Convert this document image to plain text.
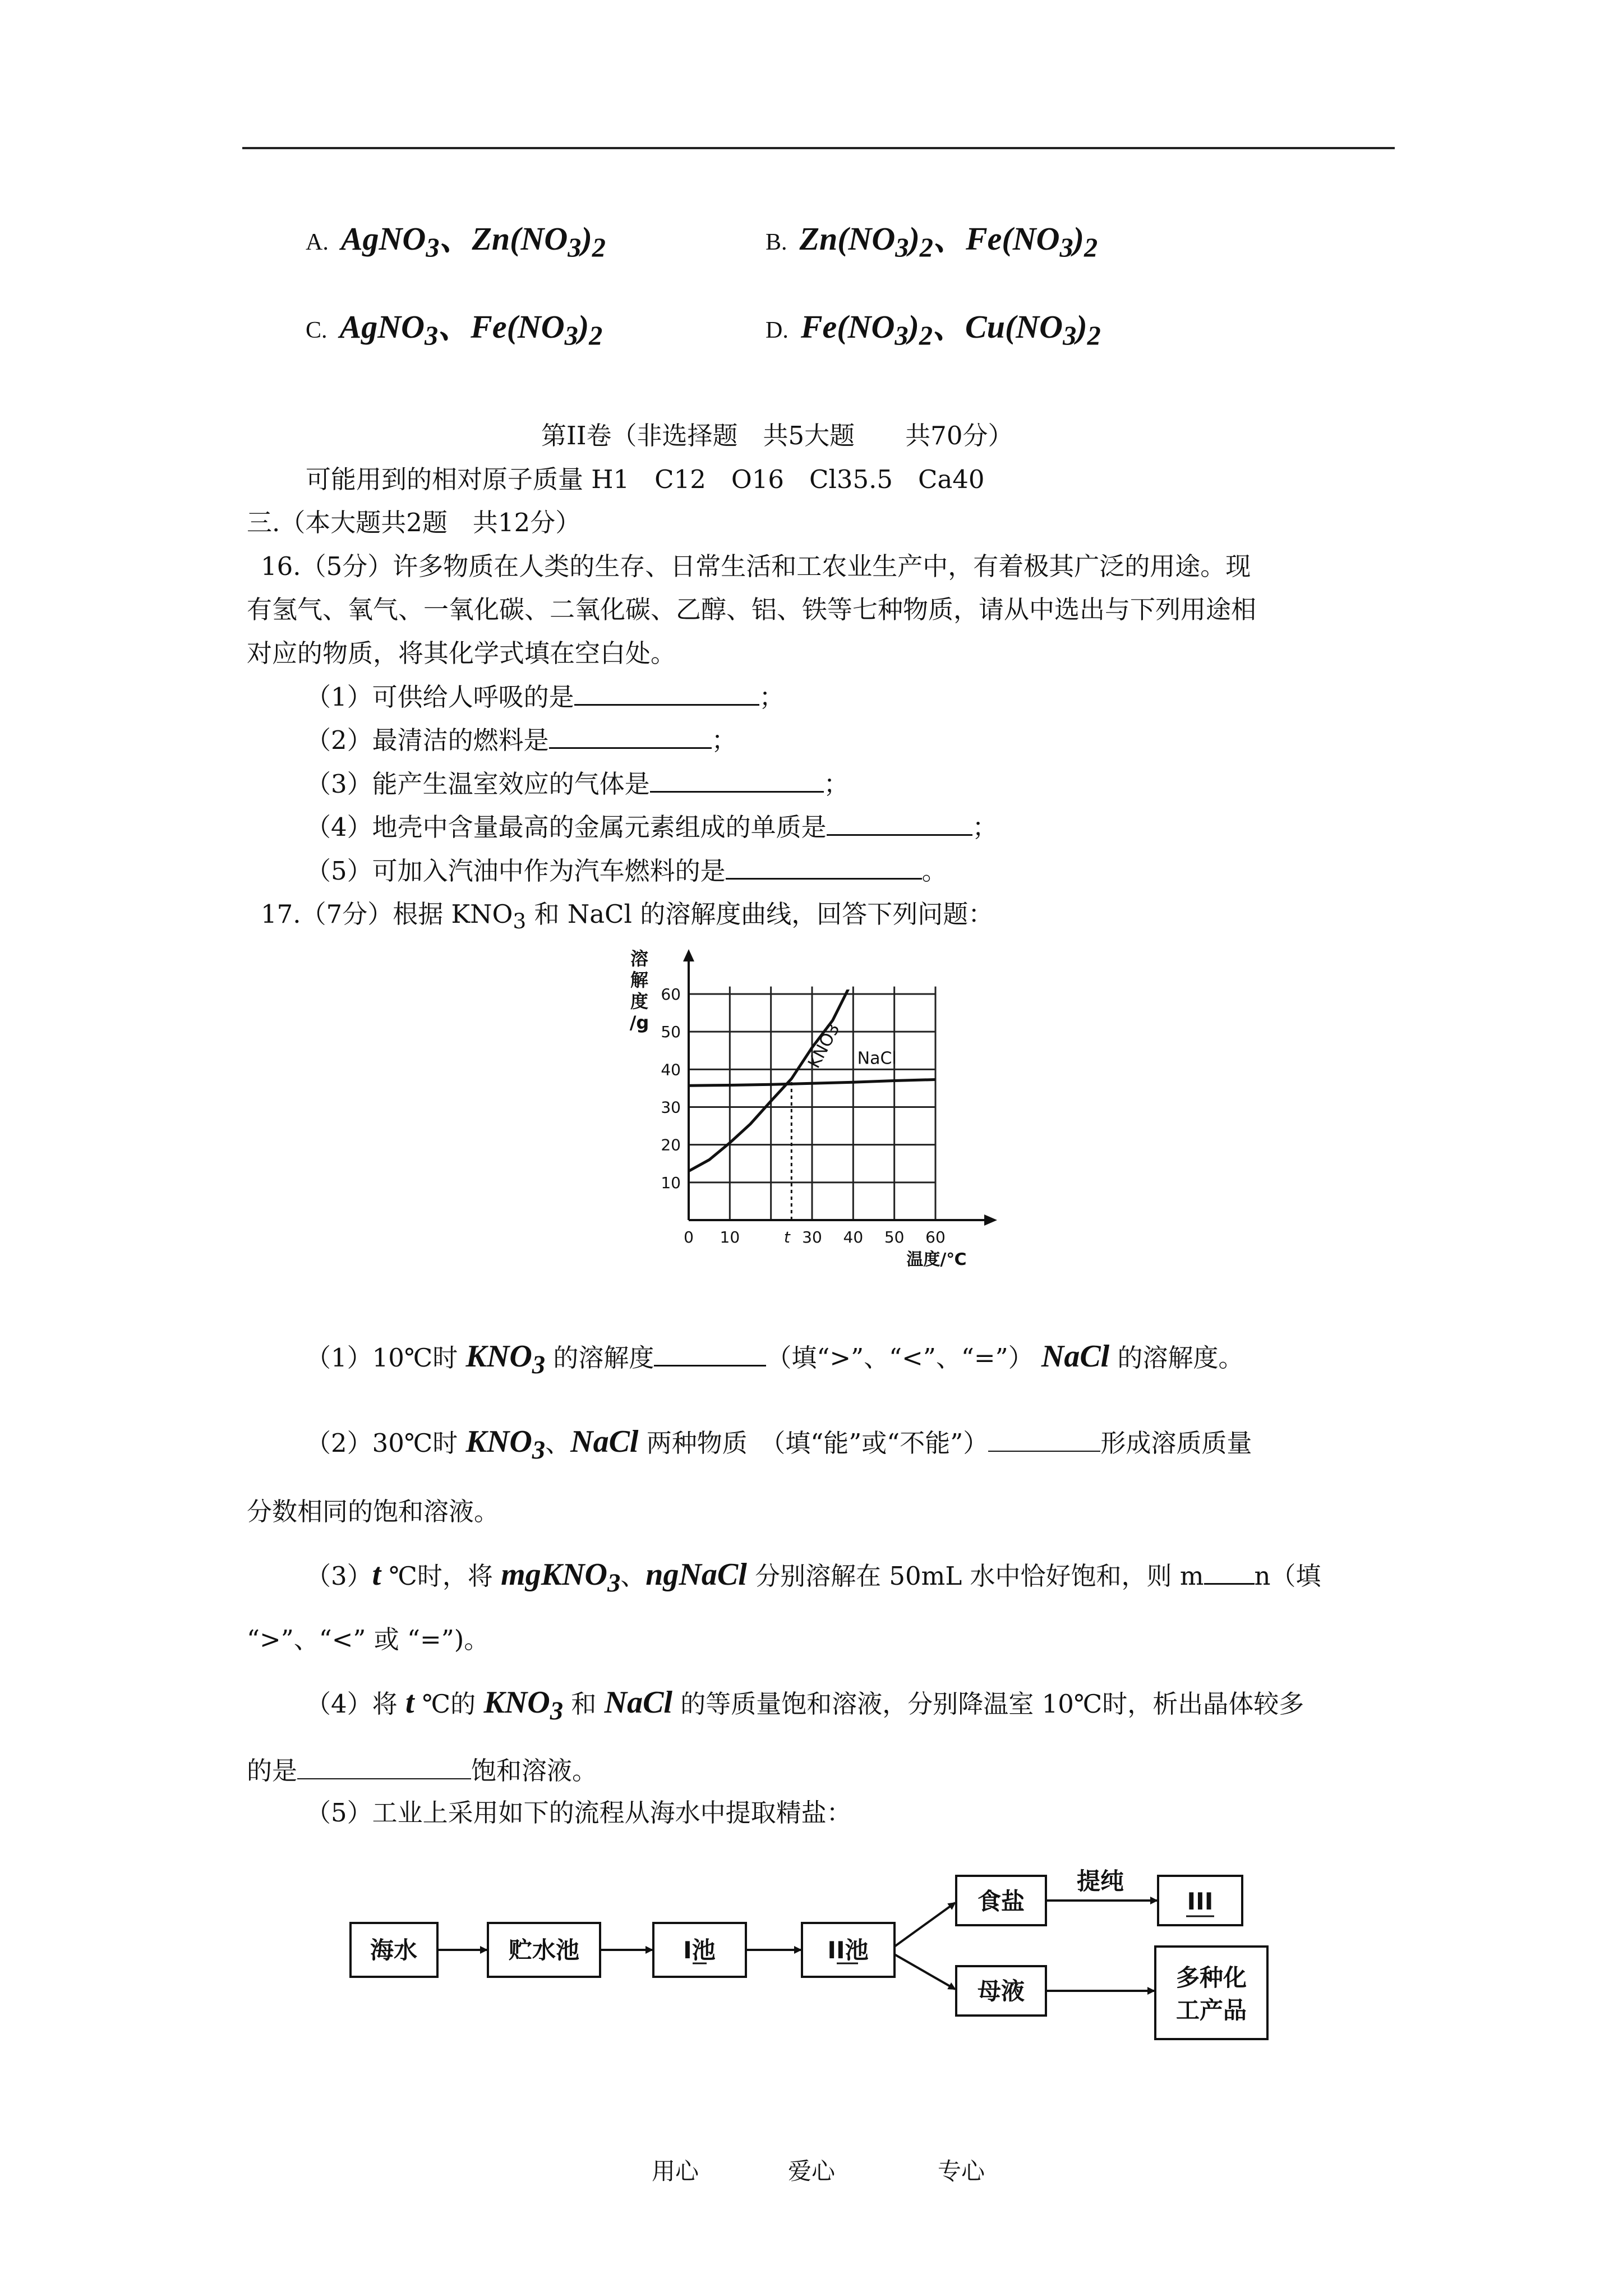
A. AgNO$_3$、$Zn(NO_3)_2$	B. $Zn(NO_3)_2$、$Fe(NO_3)_2$
C. AgNO$_3$、$Fe(NO_3)_2$	D. $Fe(NO_3)_2$、$Cu(NO_3)_2$
第II卷（非选择题　共5大题　　共70分）
可能用到的相对原子质量 H1　C12　O16　Cl35.5　Ca40
三.（本大题共2题　共12分）
16.（5分）许多物质在人类的生存、日常生活和工农业生产中，有着极其广泛的用途。现
有氢气、氧气、一氧化碳、二氧化碳、乙醇、铝、铁等七种物质，请从中选出与下列用途相
对应的物质，将其化学式填在空白处。
（1）可供给人呼吸的是	；
（2）最清洁的燃料是	；
（3）能产生温室效应的气体是	；
（4）地壳中含量最高的金属元素组成的单质是	；
（5）可加入汽油中作为汽车燃料的是	。
17.（7分）根据 $KNO_3$ 和 NaCl 的溶解度曲线，回答下列问题：
10
20
30
40
50
60
0 10	t 30 40 50 60
溶
解
度
/g
温度/℃
KNO3 NaCl
（1）10℃时 $KNO_3$ 的溶解度	（填“>”、“<”、“=”） NaCl 的溶解度。
（2）30℃时 $KNO_3$、NaCl 两种物质　（填“能”或“不能”）	形成溶质质量
分数相同的饱和溶液。
（3）t ℃时，将 mgKNO$_3$、ngNaCl 分别溶解在 50mL 水中恰好饱和，则 m n（填
“>”、“<” 或 “=”)。
（4）将 t ℃的 $KNO_3$ 和 NaCl 的等质量饱和溶液，分别降温室 10℃时，析出晶体较多
的是	饱和溶液。
（5）工业上采用如下的流程从海水中提取精盐：
海水	贮水池	I池	II池
食盐
提纯
III
母液	多种化
工产品
用心	爱心	专心
